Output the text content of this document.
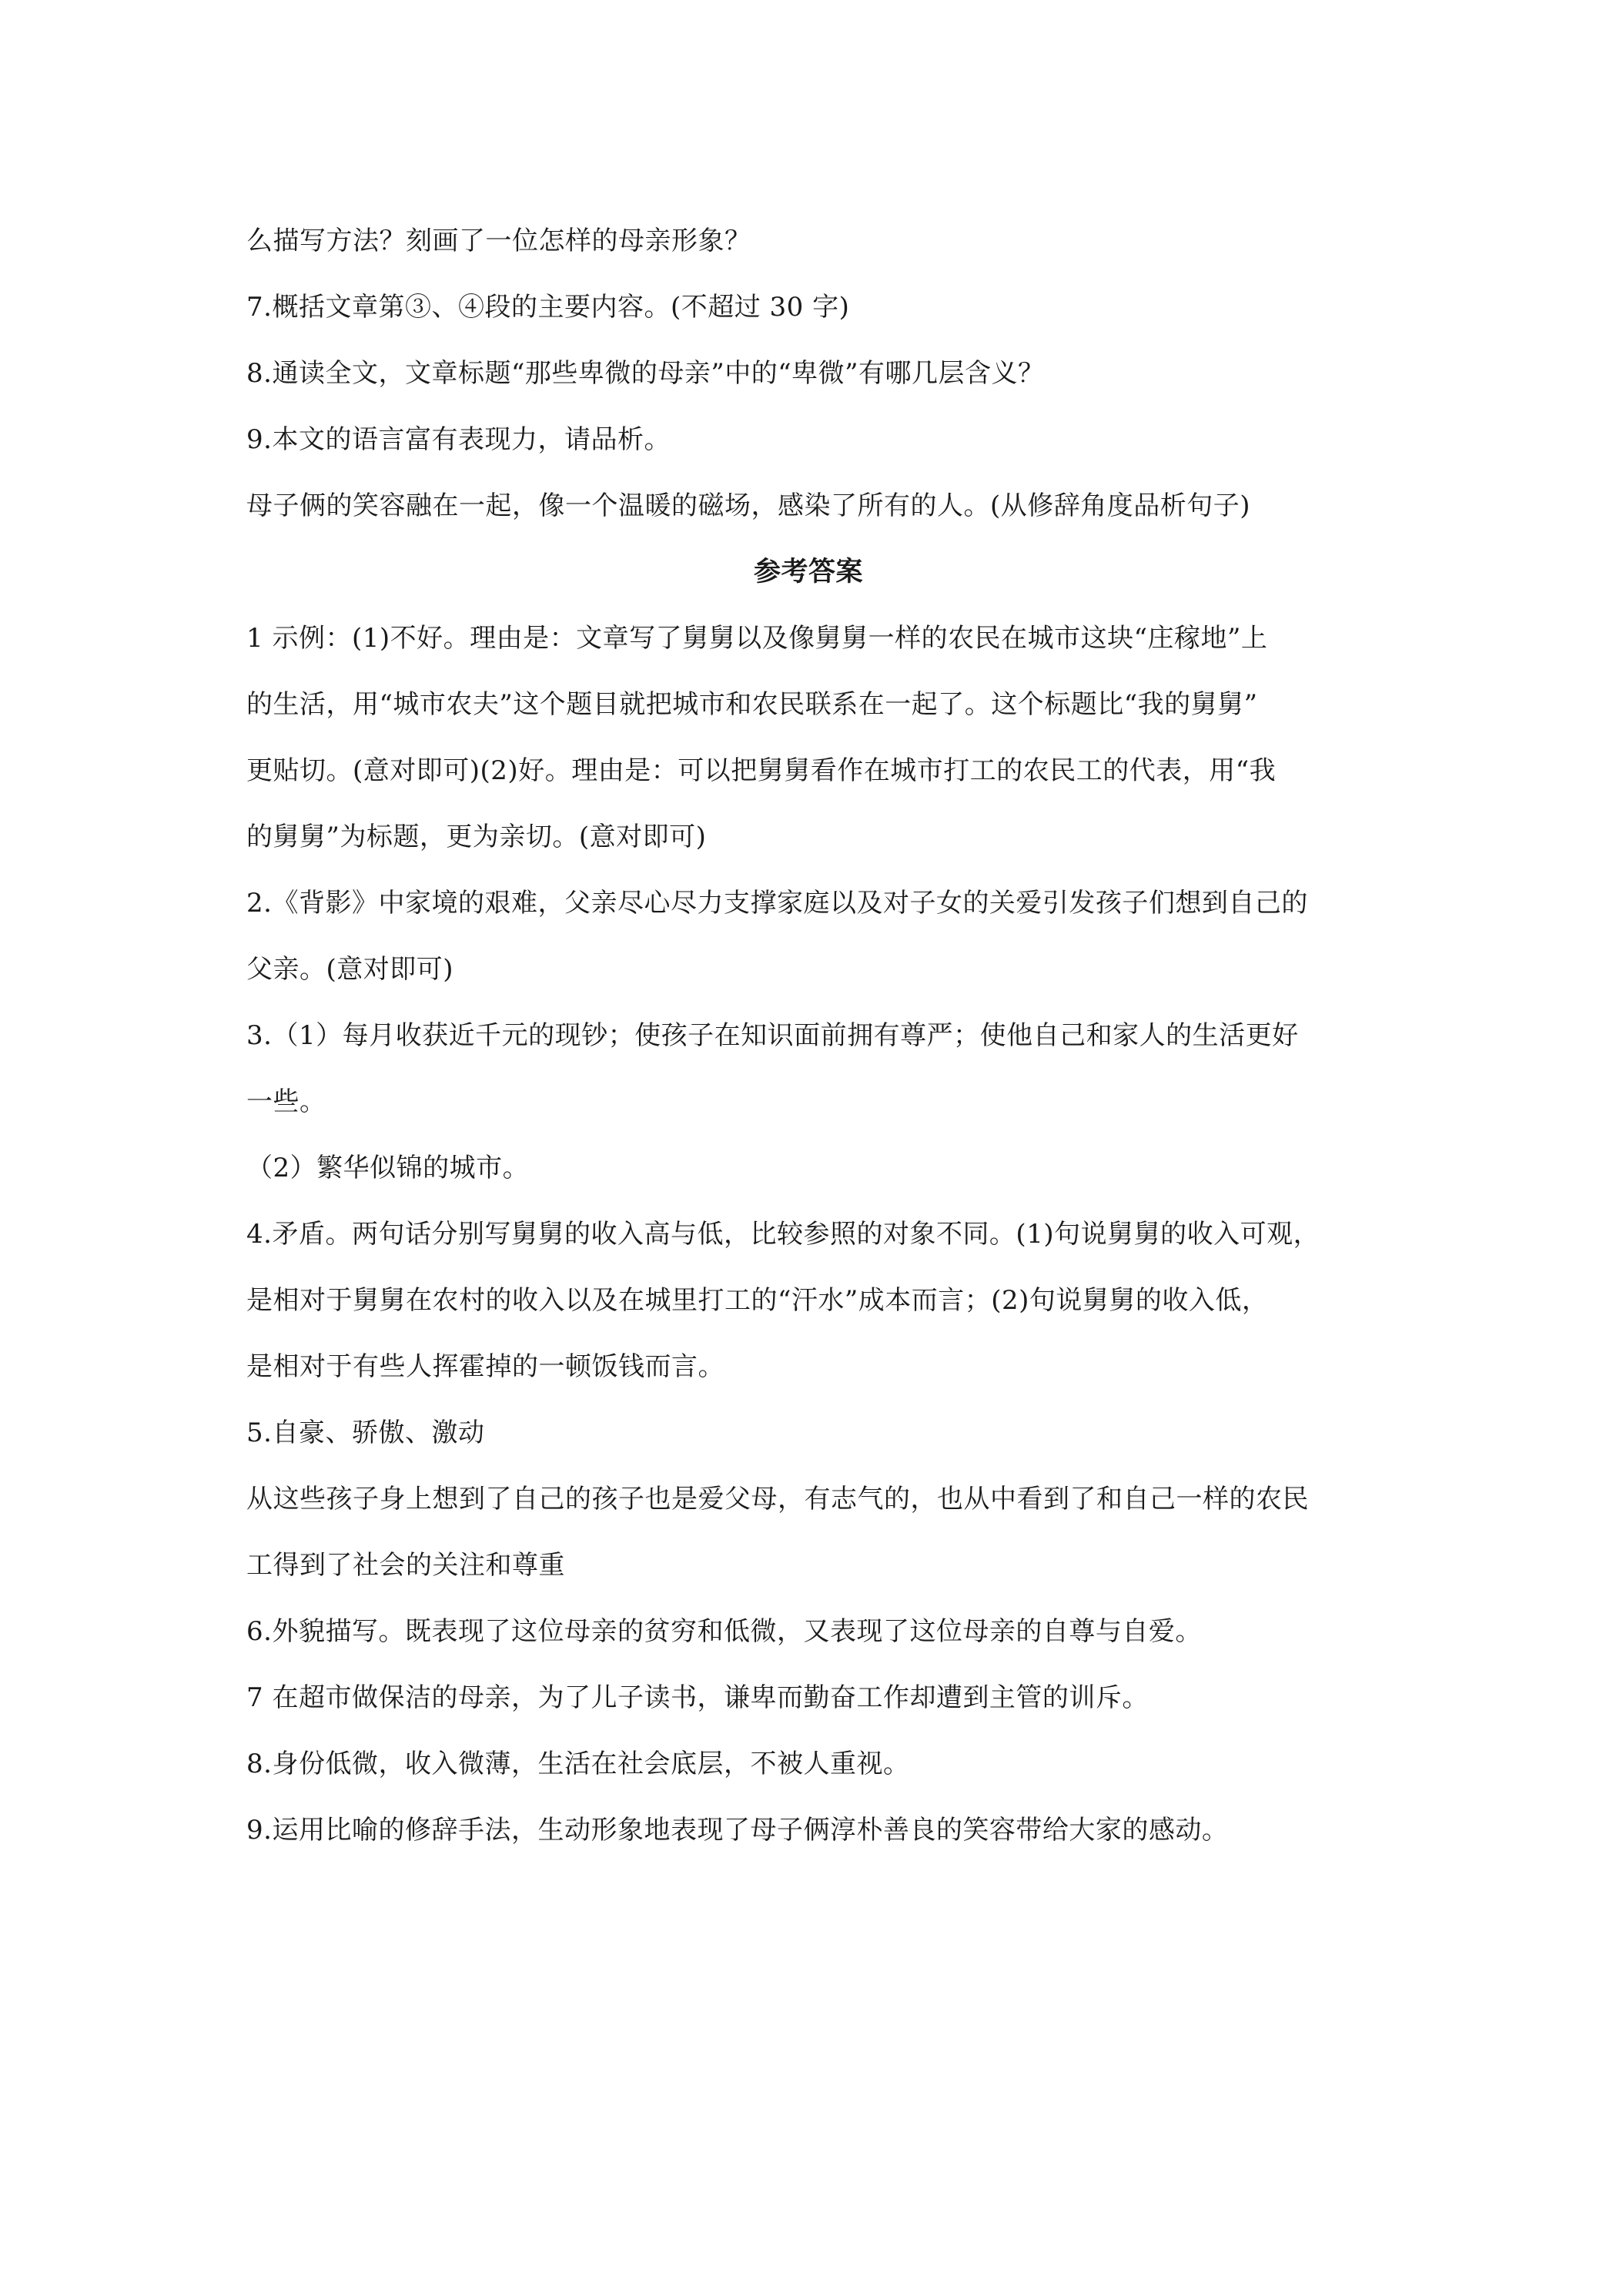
么描写方法？刻画了一位怎样的母亲形象？
7.概括文章第③、④段的主要内容。(不超过 30 字)
8.通读全文，文章标题“那些卑微的母亲”中的“卑微”有哪几层含义？
9.本文的语言富有表现力，请品析。
母子俩的笑容融在一起，像一个温暖的磁场，感染了所有的人。(从修辞角度品析句子)
参考答案
1 示例：(1)不好。理由是：文章写了舅舅以及像舅舅一样的农民在城市这块“庄稼地”上
的生活，用“城市农夫”这个题目就把城市和农民联系在一起了。这个标题比“我的舅舅”
更贴切。(意对即可)(2)好。理由是：可以把舅舅看作在城市打工的农民工的代表，用“我
的舅舅”为标题，更为亲切。(意对即可)
2.《背影》中家境的艰难，父亲尽心尽力支撑家庭以及对子女的关爱引发孩子们想到自己的
父亲。(意对即可)
3.（1）每月收获近千元的现钞；使孩子在知识面前拥有尊严；使他自己和家人的生活更好
一些。
（2）繁华似锦的城市。
4.矛盾。两句话分别写舅舅的收入高与低，比较参照的对象不同。(1)句说舅舅的收入可观，
是相对于舅舅在农村的收入以及在城里打工的“汗水”成本而言；(2)句说舅舅的收入低，
是相对于有些人挥霍掉的一顿饭钱而言。
5.自豪、骄傲、激动
从这些孩子身上想到了自己的孩子也是爱父母，有志气的，也从中看到了和自己一样的农民
工得到了社会的关注和尊重
6.外貌描写。既表现了这位母亲的贫穷和低微，又表现了这位母亲的自尊与自爱。
7 在超市做保洁的母亲，为了儿子读书，谦卑而勤奋工作却遭到主管的训斥。
8.身份低微，收入微薄，生活在社会底层，不被人重视。
9.运用比喻的修辞手法，生动形象地表现了母子俩淳朴善良的笑容带给大家的感动。
